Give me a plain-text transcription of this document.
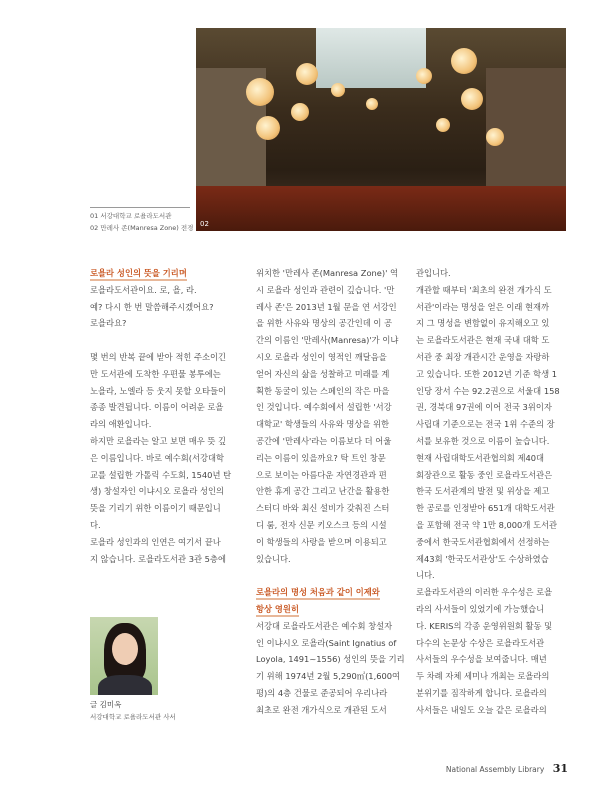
02
01 서강대학교 로욜라도서관
02 만레사 존(Manresa Zone) 전경

로욜라 성인의 뜻을 기리며

로욜라도서관이요. 로, 욜, 라.

예? 다시 한 번 말씀해주시겠어요?

로욜라요?

몇 번의 반복 끝에 받아 적힌 주소이긴

만 도서관에 도착한 우편물 봉투에는

노욜라, 노엘라 등 웃지 못할 오타들이

종종 발견됩니다. 이름이 어려운 로욜

라의 애환입니다.

하지만 로욜라는 알고 보면 매우 뜻 깊

은 이름입니다. 바로 예수회(서강대학

교를 설립한 가톨릭 수도회, 1540년 탄

생) 창설자인 이냐시오 로욜라 성인의

뜻을 기리기 위한 이름이기 때문입니

다.

로욜라 성인과의 인연은 여기서 끝나

지 않습니다. 로욜라도서관 3관 5층에

위치한 '만레사 존(Manresa Zone)' 역

시 로욜라 성인과 관련이 깊습니다. '만

레사 존'은 2013년 1월 문을 연 서강인

을 위한 사유와 명상의 공간인데 이 공

간의 이름인 '만레사(Manresa)'가 이냐

시오 로욜라 성인이 영적인 깨달음을

얻어 자신의 삶을 성찰하고 미래를 계

획한 동굴이 있는 스페인의 작은 마을

인 것입니다. 예수회에서 설립한 '서강

대학교' 학생들의 사유와 명상을 위한

공간에 '만레사'라는 이름보다 더 어울

리는 이름이 있을까요? 탁 트인 창문

으로 보이는 아름다운 자연경관과 편

안한 휴게 공간 그리고 난간을 활용한

스터디 바와 최신 설비가 갖춰진 스터

디 룸, 전자 신문 키오스크 등의 시설

이 학생들의 사랑을 받으며 이용되고

있습니다.

로욜라의 명성 처음과 같이 이제와

항상 영원히

서강대 로욜라도서관은 예수회 창설자

인 이냐시오 로욜라(Saint Ignatius of

Loyola, 1491~1556) 성인의 뜻을 기리

기 위해 1974년 2월 5,290㎡(1,600여

평)의 4층 건물로 준공되어 우리나라

최초로 완전 개가식으로 개관된 도서

관입니다.

개관할 때부터 '최초의 완전 개가식 도

서관'이라는 명성을 얻은 이래 현재까

지 그 명성을 변함없이 유지해오고 있

는 로욜라도서관은 현재 국내 대학 도

서관 중 최장 개관시간 운영을 자랑하

고 있습니다. 또한 2012년 기준 학생 1

인당 장서 수는 92.2권으로 서울대 158

권, 경북대 97권에 이어 전국 3위이자

사립대 기준으로는 전국 1위 수준의 장

서를 보유한 것으로 이름이 높습니다.

현재 사립대학도서관협의회 제40대

회장관으로 활동 중인 로욜라도서관은

한국 도서관계의 발전 및 위상을 제고

한 공로를 인정받아 651개 대학도서관

을 포함해 전국 약 1만 8,000개 도서관

중에서 한국도서관협회에서 선정하는

제43회 '한국도서관상'도 수상하였습

니다.

로욜라도서관의 이러한 우수성은 로욜

라의 사서들이 있었기에 가능했습니

다. KERIS의 각종 운영위원회 활동 및

다수의 논문상 수상은 로욜라도서관

사서들의 우수성을 보여줍니다. 매년

두 차례 자체 세미나 개최는 로욜라의

분위기를 짐작하게 합니다. 로욜라의

사서들은 내일도 오늘 같은 로욜라의

글 김미옥
서강대학교 로욜라도서관 사서
National Assembly Library 31
